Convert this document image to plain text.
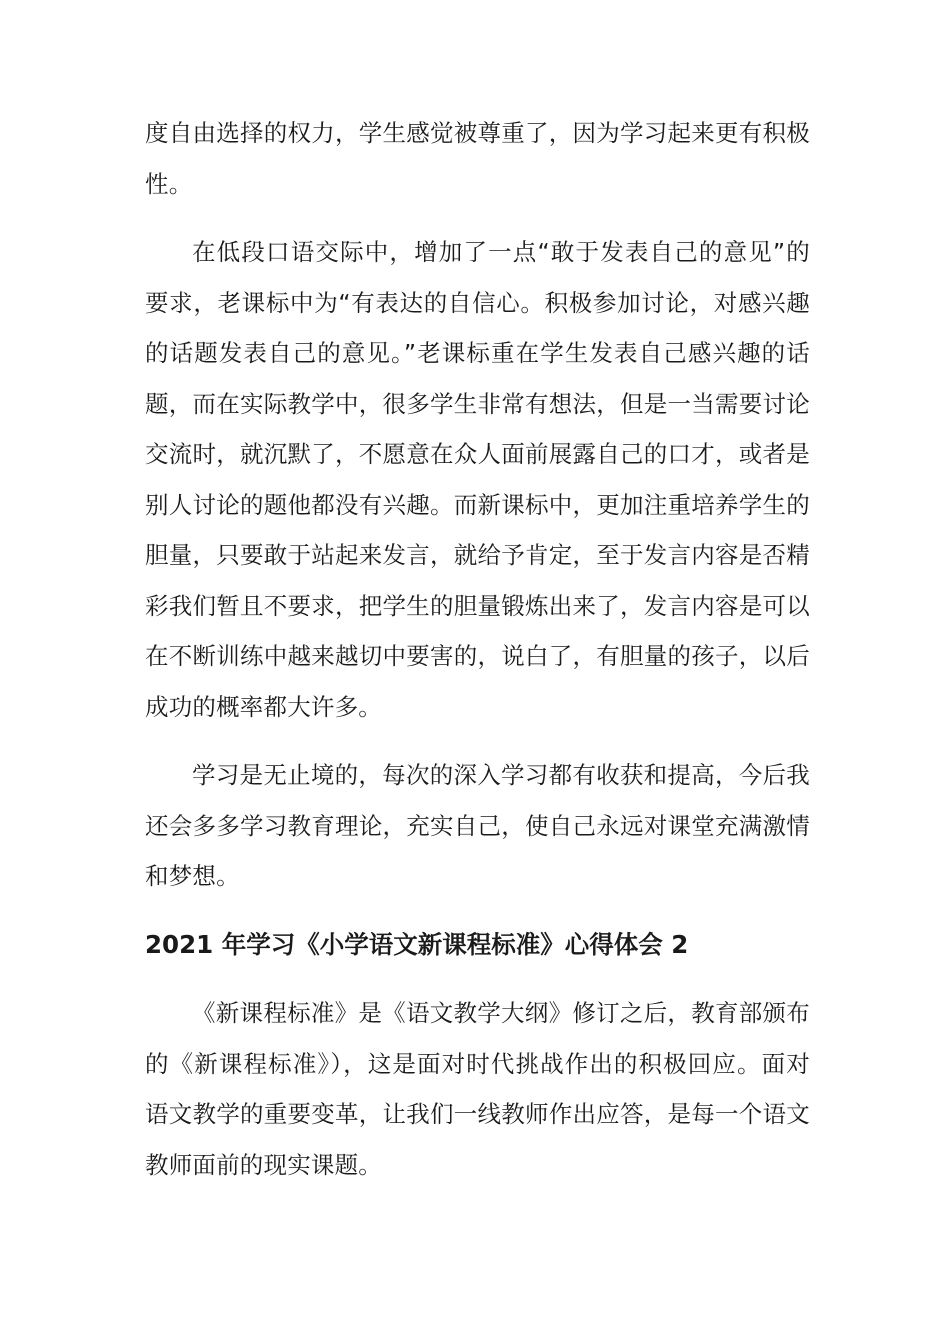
度自由选择的权力，学生感觉被尊重了，因为学习起来更有积极
性。

在低段口语交际中，增加了一点“敢于发表自己的意见”的
要求，老课标中为“有表达的自信心。积极参加讨论，对感兴趣
的话题发表自己的意见。”老课标重在学生发表自己感兴趣的话
题，而在实际教学中，很多学生非常有想法，但是一当需要讨论
交流时，就沉默了，不愿意在众人面前展露自己的口才，或者是
别人讨论的题他都没有兴趣。而新课标中，更加注重培养学生的
胆量，只要敢于站起来发言，就给予肯定，至于发言内容是否精
彩我们暂且不要求，把学生的胆量锻炼出来了，发言内容是可以
在不断训练中越来越切中要害的，说白了，有胆量的孩子，以后
成功的概率都大许多。

学习是无止境的，每次的深入学习都有收获和提高，今后我
还会多多学习教育理论，充实自己，使自己永远对课堂充满激情
和梦想。

2021 年学习《小学语文新课程标准》心得体会 2

《新课程标准》是《语文教学大纲》修订之后，教育部颁布
的《新课程标准》），这是面对时代挑战作出的积极回应。面对
语文教学的重要变革，让我们一线教师作出应答，是每一个语文
教师面前的现实课题。
